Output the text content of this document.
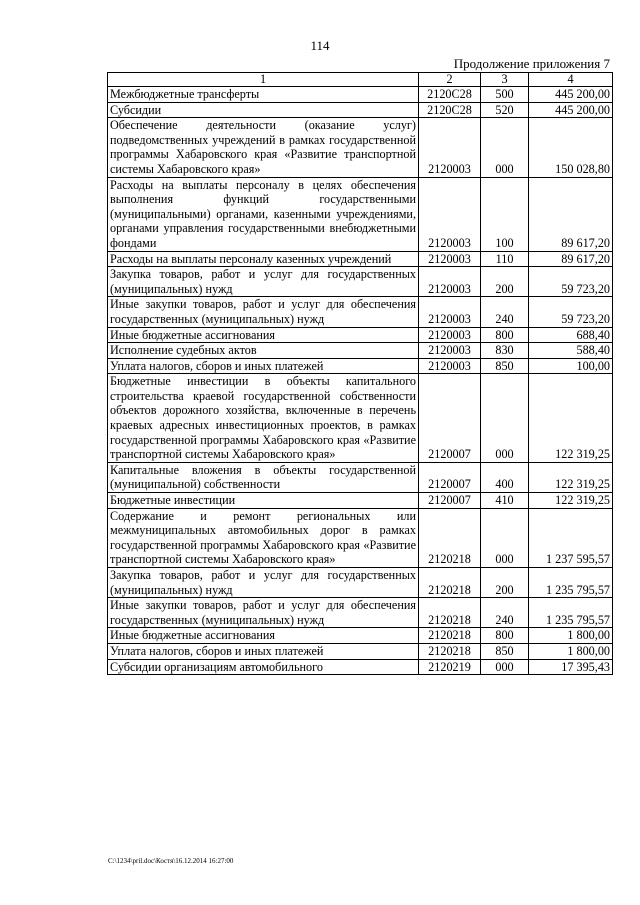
114
Продолжение приложения 7
1	2	3	4
Межбюджетные трансферты	2120С28	500	445 200,00
Субсидии	2120С28	520	445 200,00
Обеспечение деятельности (оказание услуг) подведомственных учреждений в рамках государственной программы Хабаровского края «Развитие транспортной системы Хабаровского края»	2120003	000	150 028,80
Расходы на выплаты персоналу в целях обеспечения выполнения функций государственными (муниципальными) органами, казенными учреждениями, органами управления государственными внебюджетными фондами	2120003	100	89 617,20
Расходы на выплаты персоналу казенных учреждений	2120003	110	89 617,20
Закупка товаров, работ и услуг для государственных (муниципальных) нужд	2120003	200	59 723,20
Иные закупки товаров, работ и услуг для обеспечения государственных (муниципальных) нужд	2120003	240	59 723,20
Иные бюджетные ассигнования	2120003	800	688,40
Исполнение судебных актов	2120003	830	588,40
Уплата налогов, сборов и иных платежей	2120003	850	100,00
Бюджетные инвестиции в объекты капитального строительства краевой государственной собственности объектов дорожного хозяйства, включенные в перечень краевых адресных инвестиционных проектов, в рамках государственной программы Хабаровского края «Развитие транспортной системы Хабаровского края»	2120007	000	122 319,25
Капитальные вложения в объекты государственной (муниципальной) собственности	2120007	400	122 319,25
Бюджетные инвестиции	2120007	410	122 319,25
Содержание и ремонт региональных или межмуниципальных автомобильных дорог в рамках государственной программы Хабаровского края «Развитие транспортной системы Хабаровского края»	2120218	000	1 237 595,57
Закупка товаров, работ и услуг для государственных (муниципальных) нужд	2120218	200	1 235 795,57
Иные закупки товаров, работ и услуг для обеспечения государственных (муниципальных) нужд	2120218	240	1 235 795,57
Иные бюджетные ассигнования	2120218	800	1 800,00
Уплата налогов, сборов и иных платежей	2120218	850	1 800,00
Субсидии организациям автомобильного	2120219	000	17 395,43
C:\1234\pril.doc\Костя\16.12.2014 16:27:00
